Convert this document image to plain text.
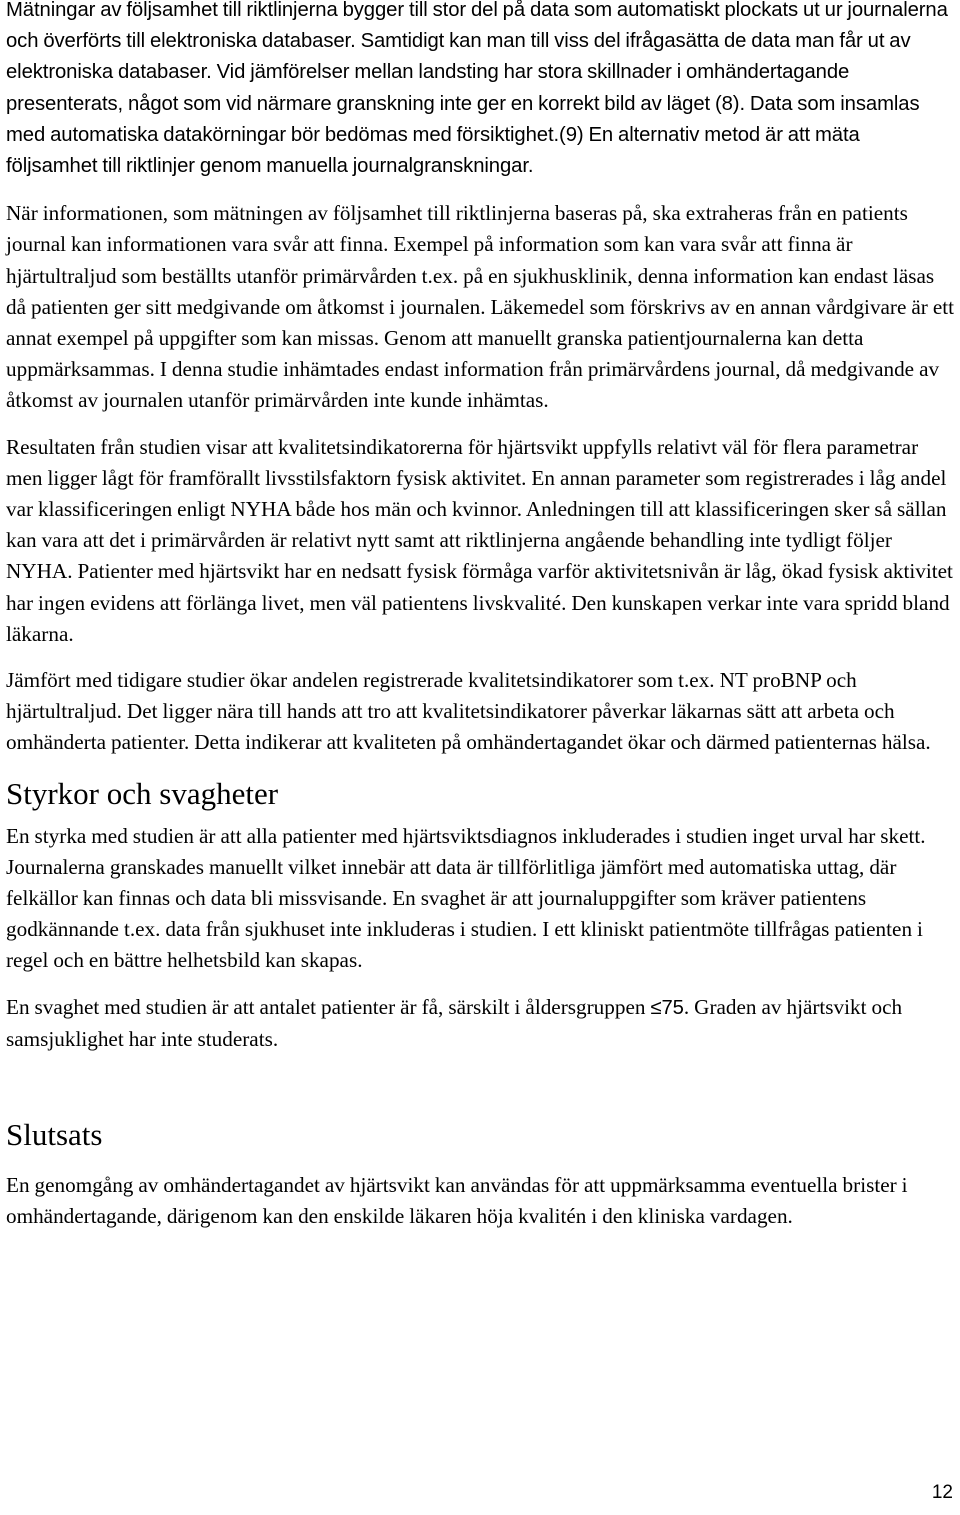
Mätningar av följsamhet till riktlinjerna bygger till stor del på data som automatiskt plockats ut ur journalerna och överförts till elektroniska databaser. Samtidigt kan man till viss del ifrågasätta de data man får ut av elektroniska databaser. Vid jämförelser mellan landsting har stora skillnader i omhändertagande presenterats, något som vid närmare granskning inte ger en korrekt bild av läget (8). Data som insamlas med automatiska datakörningar bör bedömas med försiktighet.(9) En alternativ metod är att mäta följsamhet till riktlinjer genom manuella journalgranskningar.

När informationen, som mätningen av följsamhet till riktlinjerna baseras på, ska extraheras från en patients journal kan informationen vara svår att finna. Exempel på information som kan vara svår att finna är hjärtultraljud som beställts utanför primärvården t.ex. på en sjukhusklinik, denna information kan endast läsas då patienten ger sitt medgivande om åtkomst i journalen. Läkemedel som förskrivs av en annan vårdgivare är ett annat exempel på uppgifter som kan missas. Genom att manuellt granska patientjournalerna kan detta uppmärksammas. I denna studie inhämtades endast information från primärvårdens journal, då medgivande av åtkomst av journalen utanför primärvården inte kunde inhämtas.

Resultaten från studien visar att kvalitetsindikatorerna för hjärtsvikt uppfylls relativt väl för flera parametrar men ligger lågt för framförallt livsstilsfaktorn fysisk aktivitet. En annan parameter som registrerades i låg andel var klassificeringen enligt NYHA både hos män och kvinnor. Anledningen till att klassificeringen sker så sällan kan vara att det i primärvården är relativt nytt samt att riktlinjerna angående behandling inte tydligt följer NYHA. Patienter med hjärtsvikt har en nedsatt fysisk förmåga varför aktivitetsnivån är låg, ökad fysisk aktivitet har ingen evidens att förlänga livet, men väl patientens livskvalité. Den kunskapen verkar inte vara spridd bland läkarna.

Jämfört med tidigare studier ökar andelen registrerade kvalitetsindikatorer som t.ex. NT proBNP och hjärtultraljud. Det ligger nära till hands att tro att kvalitetsindikatorer påverkar läkarnas sätt att arbeta och omhänderta patienter. Detta indikerar att kvaliteten på omhändertagandet ökar och därmed patienternas hälsa.

Styrkor och svagheter

En styrka med studien är att alla patienter med hjärtsviktsdiagnos inkluderades i studien inget urval har skett. Journalerna granskades manuellt vilket innebär att data är tillförlitliga jämfört med automatiska uttag, där felkällor kan finnas och data bli missvisande. En svaghet är att journaluppgifter som kräver patientens godkännande t.ex. data från sjukhuset inte inkluderas i studien. I ett kliniskt patientmöte tillfrågas patienten i regel och en bättre helhetsbild kan skapas.

En svaghet med studien är att antalet patienter är få, särskilt i åldersgruppen ≤75. Graden av hjärtsvikt och samsjuklighet har inte studerats.

Slutsats

En genomgång av omhändertagandet av hjärtsvikt kan användas för att uppmärksamma eventuella brister i omhändertagande, därigenom kan den enskilde läkaren höja kvalitén i den kliniska vardagen.

12
